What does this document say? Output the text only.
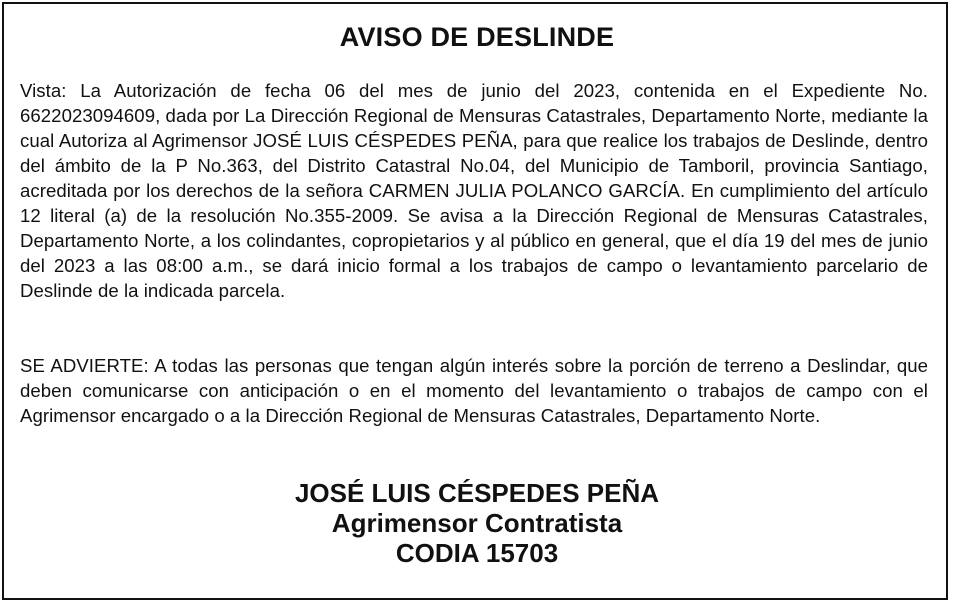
AVISO DE DESLINDE

Vista: La Autorización de fecha 06 del mes de junio del 2023, contenida en el Expediente No. 6622023094609, dada por La Dirección Regional de Mensuras Catastrales, Departamento Norte, mediante la cual Autoriza al Agrimensor JOSÉ LUIS CÉSPEDES PEÑA, para que realice los trabajos de Deslinde, dentro del ámbito de la P No.363, del Distrito Catastral No.04, del Municipio de Tamboril, provincia Santiago, acreditada por los derechos de la señora CARMEN JULIA POLANCO GARCÍA. En cumplimiento del artículo 12 literal (a) de la resolución No.355-2009. Se avisa a la Dirección Regional de Mensuras Catastrales, Departamento Norte, a los colindantes, copropietarios y al público en general, que el día 19 del mes de junio del 2023 a las 08:00 a.m., se dará inicio formal a los trabajos de campo o levantamiento parcelario de Deslinde de la indicada parcela.

SE ADVIERTE: A todas las personas que tengan algún interés sobre la porción de terreno a Deslindar, que deben comunicarse con anticipación o en el momento del levantamiento o trabajos de campo con el Agrimensor encargado o a la Dirección Regional de Mensuras Catastrales, Departamento Norte.

JOSÉ LUIS CÉSPEDES PEÑA
Agrimensor Contratista
CODIA 15703
